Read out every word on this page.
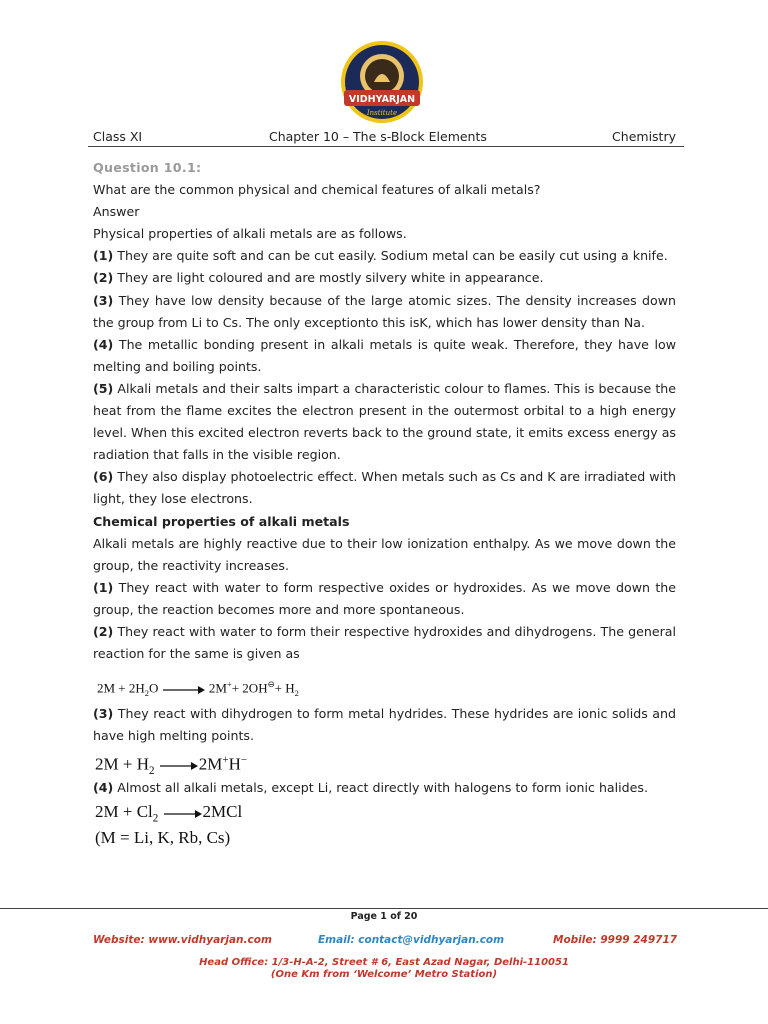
VIDHYARJAN
Institute
Class XI	Chapter 10 – The s-Block Elements	Chemistry

Question 10.1:

What are the common physical and chemical features of alkali metals?

Answer

Physical properties of alkali metals are as follows.

(1) They are quite soft and can be cut easily. Sodium metal can be easily cut using a knife.

(2) They are light coloured and are mostly silvery white in appearance.

(3) They have low density because of the large atomic sizes. The density increases down the group from Li to Cs. The only exceptionto this isK, which has lower density than Na.

(4) The metallic bonding present in alkali metals is quite weak. Therefore, they have low melting and boiling points.

(5) Alkali metals and their salts impart a characteristic colour to flames. This is because the heat from the flame excites the electron present in the outermost orbital to a high energy level. When this excited electron reverts back to the ground state, it emits excess energy as radiation that falls in the visible region.

(6) They also display photoelectric effect. When metals such as Cs and K are irradiated with light, they lose electrons.

Chemical properties of alkali metals

Alkali metals are highly reactive due to their low ionization enthalpy. As we move down the group, the reactivity increases.

(1) They react with water to form respective oxides or hydroxides. As we move down the group, the reaction becomes more and more spontaneous.

(2) They react with water to form their respective hydroxides and dihydrogens. The general reaction for the same is given as

$2M + 2H_2O \to 2M^++ 2OH^⊖+ H_2$

(3) They react with dihydrogen to form metal hydrides. These hydrides are ionic solids and have high melting points.

$2M + H_2 \to 2M^+H^-$

(4) Almost all alkali metals, except Li, react directly with halogens to form ionic halides.

$2M + Cl_2 \to 2MCl$
(M = Li, K, Rb, Cs)
Page 1 of 20
Website: www.vidhyarjan.com	Email: contact@vidhyarjan.com	Mobile: 9999 249717
Head Office: 1/3-H-A-2, Street # 6, East Azad Nagar, Delhi-110051
(One Km from ‘Welcome’ Metro Station)
